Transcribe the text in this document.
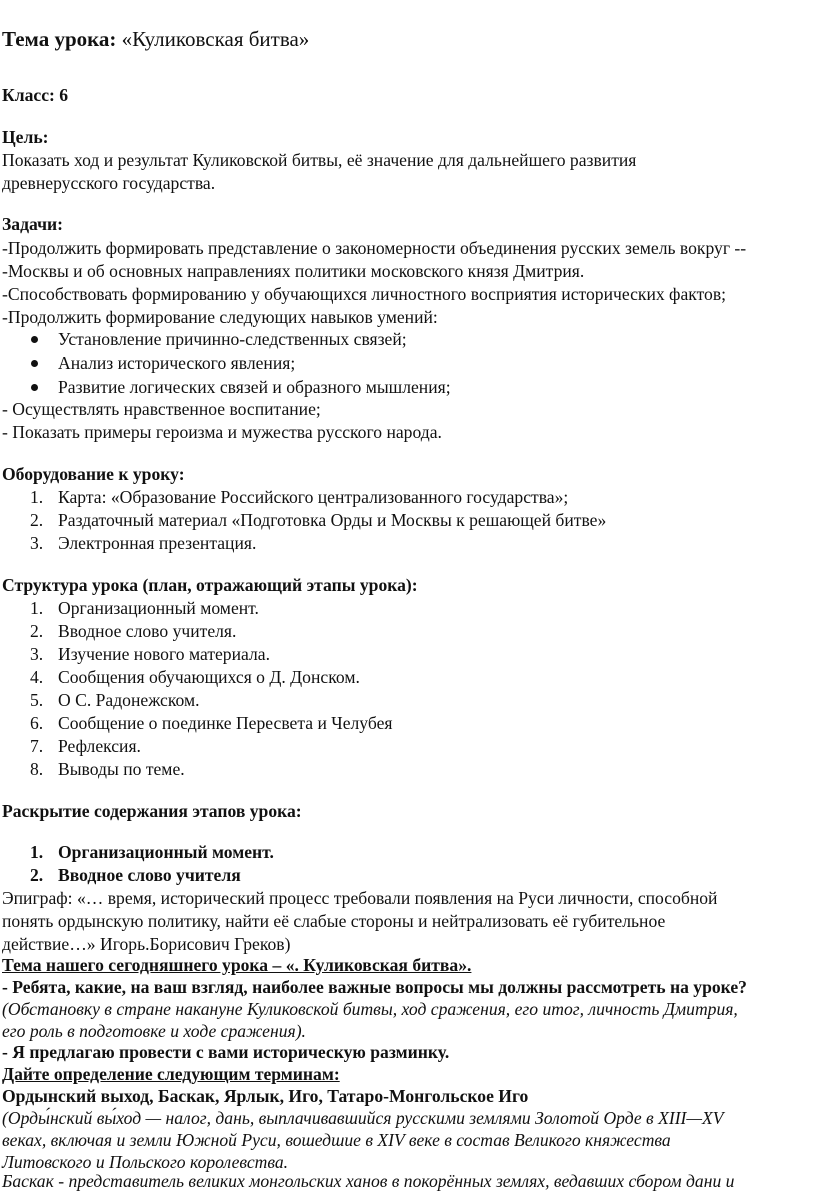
Тема урока: «Куликовская битва»
Класс: 6
Цель:
Показать ход и результат Куликовской битвы, её значение для дальнейшего развития
древнерусского государства.
Задачи:
-Продолжить формировать представление о закономерности объединения русских земель вокруг --
-Москвы и об основных направлениях политики московского князя Дмитрия.
-Способствовать формированию у обучающихся личностного восприятия исторических фактов;
-Продолжить формирование следующих навыков умений:
Установление причинно-следственных связей;
Анализ исторического явления;
Развитие логических связей и образного мышления;
- Осуществлять нравственное воспитание;
- Показать примеры героизма и мужества русского народа.
Оборудование к уроку:
1. Карта: «Образование Российского централизованного государства»;
2. Раздаточный материал «Подготовка Орды и Москвы к решающей битве»
3. Электронная презентация.
Структура урока (план, отражающий этапы урока):
1. Организационный момент.
2. Вводное слово учителя.
3. Изучение нового материала.
4. Сообщения обучающихся о Д. Донском.
5. О С. Радонежском.
6. Сообщение о поединке Пересвета и Челубея
7. Рефлексия.
8. Выводы по теме.
Раскрытие содержания этапов урока:
1. Организационный момент.
2. Вводное слово учителя
Эпиграф: «… время, исторический процесс требовали появления на Руси личности, способной
понять ордынскую политику, найти её слабые стороны и нейтрализовать её губительное
действие…» Игорь.Борисович Греков)
Тема нашего сегодняшнего урока – «. Куликовская битва».
- Ребята, какие, на ваш взгляд, наиболее важные вопросы мы должны рассмотреть на уроке?
(Обстановку в стране накануне Куликовской битвы, ход сражения, его итог, личность Дмитрия,
его роль в подготовке и ходе сражения).
- Я предлагаю провести с вами историческую разминку.
Дайте определение следующим терминам:
Ордынский выход, Баскак, Ярлык, Иго, Татаро-Монгольское Иго
(Орды́нский вы́ход — налог, дань, выплачивавшийся русскими землями Золотой Орде в XIII—XV
веках, включая и земли Южной Руси, вошедшие в XIV веке в состав Великого княжества
Литовского и Польского королевства.
Баскак - представитель великих монгольских ханов в покорённых землях, ведавших сбором дани и
